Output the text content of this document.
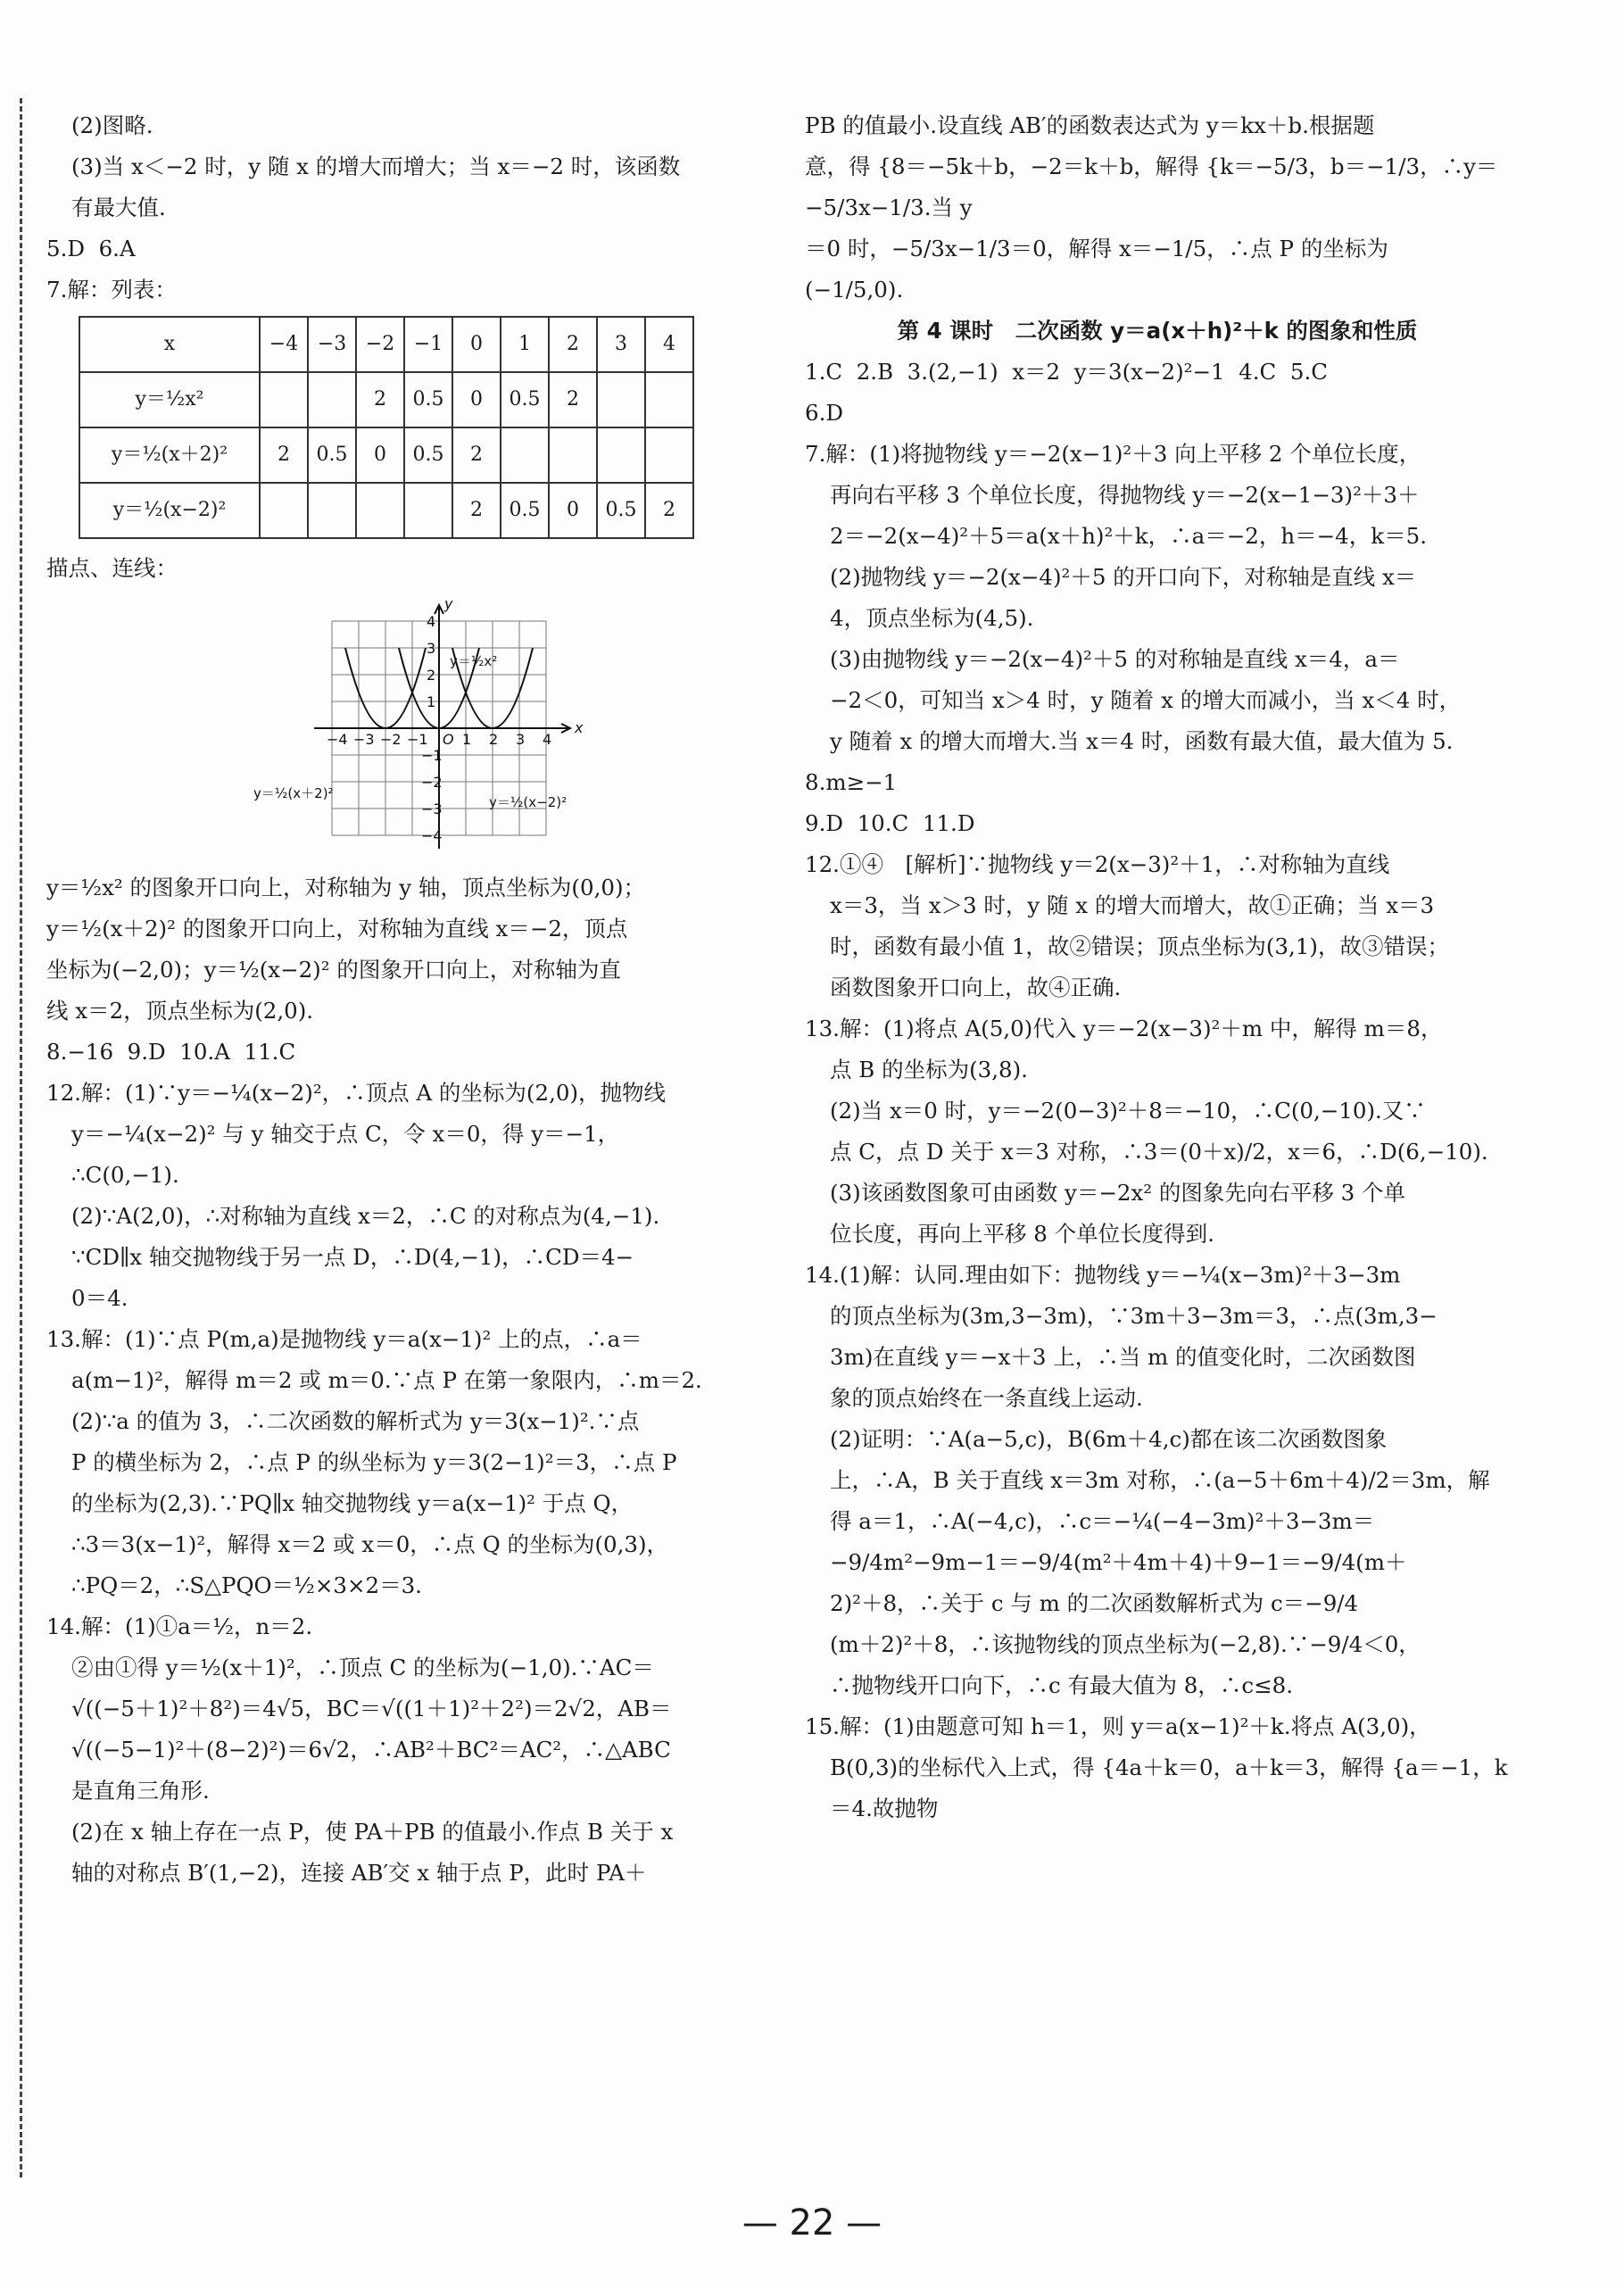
(2)图略.

(3)当 x＜−2 时，y 随 x 的增大而增大；当 x＝−2 时，该函数

有最大值.

5.D  6.A

7.解：列表：

x	−4	−3	−2	−1	0	1	2	3	4
y＝½x²			2	0.5	0	0.5	2		
y＝½(x＋2)²	2	0.5	0	0.5	2				
y＝½(x−2)²					2	0.5	0	0.5	2

描点、连线：

−4 −3 −2 −1 O 1 2 3 4
x
y
4
3
2
1
−1
−2
−3
−4
y＝½x²
y＝½(x＋2)²
y＝½(x−2)²

y＝½x² 的图象开口向上，对称轴为 y 轴，顶点坐标为(0,0)；

y＝½(x＋2)² 的图象开口向上，对称轴为直线 x＝−2，顶点

坐标为(−2,0)；y＝½(x−2)² 的图象开口向上，对称轴为直

线 x＝2，顶点坐标为(2,0).

8.−16  9.D  10.A  11.C

12.解：(1)∵y＝−¼(x−2)²，∴顶点 A 的坐标为(2,0)，抛物线

y＝−¼(x−2)² 与 y 轴交于点 C，令 x＝0，得 y＝−1，

∴C(0,−1).

(2)∵A(2,0)，∴对称轴为直线 x＝2，∴C 的对称点为(4,−1).

∵CD∥x 轴交抛物线于另一点 D，∴D(4,−1)，∴CD＝4−

0＝4.

13.解：(1)∵点 P(m,a)是抛物线 y＝a(x−1)² 上的点，∴a＝

a(m−1)²，解得 m＝2 或 m＝0.∵点 P 在第一象限内，∴m＝2.

(2)∵a 的值为 3，∴二次函数的解析式为 y＝3(x−1)².∵点

P 的横坐标为 2，∴点 P 的纵坐标为 y＝3(2−1)²＝3，∴点 P

的坐标为(2,3).∵PQ∥x 轴交抛物线 y＝a(x−1)² 于点 Q，

∴3＝3(x−1)²，解得 x＝2 或 x＝0，∴点 Q 的坐标为(0,3)，

∴PQ＝2，∴S△PQO＝½×3×2＝3.

14.解：(1)①a＝½，n＝2.

②由①得 y＝½(x＋1)²，∴顶点 C 的坐标为(−1,0).∵AC＝

√((−5＋1)²＋8²)＝4√5，BC＝√((1＋1)²＋2²)＝2√2，AB＝

√((−5−1)²＋(8−2)²)＝6√2，∴AB²＋BC²＝AC²，∴△ABC

是直角三角形.

(2)在 x 轴上存在一点 P，使 PA＋PB 的值最小.作点 B 关于 x

轴的对称点 B′(1,−2)，连接 AB′交 x 轴于点 P，此时 PA＋

PB 的值最小.设直线 AB′的函数表达式为 y＝kx＋b.根据题

意，得 {8＝−5k＋b，−2＝k＋b，解得 {k＝−5/3，b＝−1/3，∴y＝−5/3x−1/3.当 y

＝0 时，−5/3x−1/3＝0，解得 x＝−1/5，∴点 P 的坐标为

(−1/5,0).

第 4 课时　二次函数 y＝a(x＋h)²＋k 的图象和性质

1.C  2.B  3.(2,−1)  x＝2  y＝3(x−2)²−1  4.C  5.C

6.D

7.解：(1)将抛物线 y＝−2(x−1)²＋3 向上平移 2 个单位长度，

再向右平移 3 个单位长度，得抛物线 y＝−2(x−1−3)²＋3＋

2＝−2(x−4)²＋5＝a(x＋h)²＋k，∴a＝−2，h＝−4，k＝5.

(2)抛物线 y＝−2(x−4)²＋5 的开口向下，对称轴是直线 x＝

4，顶点坐标为(4,5).

(3)由抛物线 y＝−2(x−4)²＋5 的对称轴是直线 x＝4，a＝

−2＜0，可知当 x＞4 时，y 随着 x 的增大而减小，当 x＜4 时，

y 随着 x 的增大而增大.当 x＝4 时，函数有最大值，最大值为 5.

8.m≥−1

9.D  10.C  11.D

12.①④　[解析]∵抛物线 y＝2(x−3)²＋1，∴对称轴为直线

x＝3，当 x＞3 时，y 随 x 的增大而增大，故①正确；当 x＝3

时，函数有最小值 1，故②错误；顶点坐标为(3,1)，故③错误；

函数图象开口向上，故④正确.

13.解：(1)将点 A(5,0)代入 y＝−2(x−3)²＋m 中，解得 m＝8，

点 B 的坐标为(3,8).

(2)当 x＝0 时，y＝−2(0−3)²＋8＝−10，∴C(0,−10).又∵

点 C，点 D 关于 x＝3 对称，∴3＝(0＋x)/2，x＝6，∴D(6,−10).

(3)该函数图象可由函数 y＝−2x² 的图象先向右平移 3 个单

位长度，再向上平移 8 个单位长度得到.

14.(1)解：认同.理由如下：抛物线 y＝−¼(x−3m)²＋3−3m

的顶点坐标为(3m,3−3m)，∵3m＋3−3m＝3，∴点(3m,3−

3m)在直线 y＝−x＋3 上，∴当 m 的值变化时，二次函数图

象的顶点始终在一条直线上运动.

(2)证明：∵A(a−5,c)，B(6m＋4,c)都在该二次函数图象

上，∴A，B 关于直线 x＝3m 对称，∴(a−5＋6m＋4)/2＝3m，解

得 a＝1，∴A(−4,c)，∴c＝−¼(−4−3m)²＋3−3m＝

−9/4m²−9m−1＝−9/4(m²＋4m＋4)＋9−1＝−9/4(m＋

2)²＋8，∴关于 c 与 m 的二次函数解析式为 c＝−9/4

(m＋2)²＋8，∴该抛物线的顶点坐标为(−2,8).∵−9/4＜0，

∴抛物线开口向下，∴c 有最大值为 8，∴c≤8.

15.解：(1)由题意可知 h＝1，则 y＝a(x−1)²＋k.将点 A(3,0)，

B(0,3)的坐标代入上式，得 {4a＋k＝0，a＋k＝3，解得 {a＝−1，k＝4.故抛物

— 22 —
